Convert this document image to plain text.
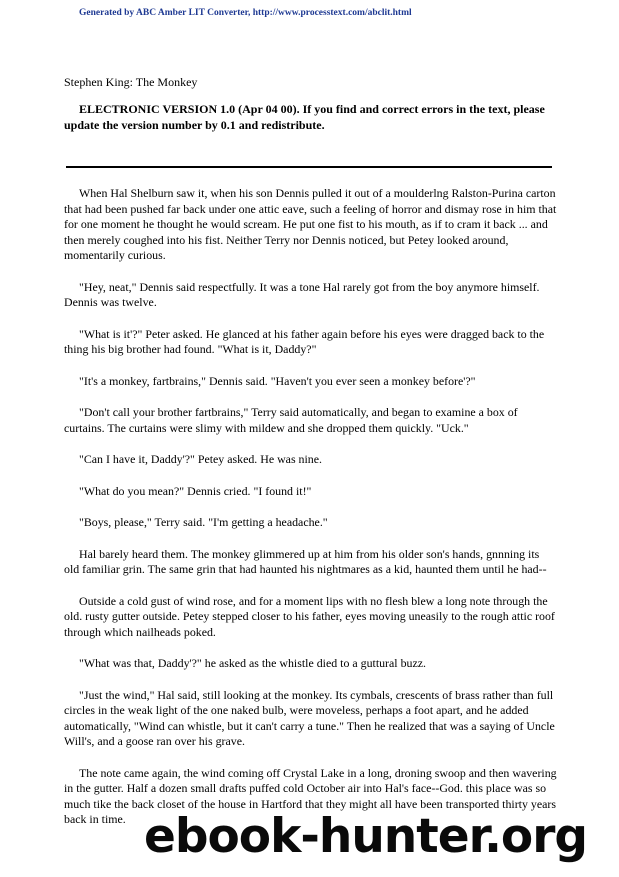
Generated by ABC Amber LIT Converter, http://www.processtext.com/abclit.html
Stephen King: The Monkey
ELECTRONIC VERSION 1.0 (Apr 04 00). If you find and correct errors in the text, please update the version number by 0.1 and redistribute.

When Hal Shelburn saw it, when his son Dennis pulled it out of a moulderlng Ralston-Purina carton that had been pushed far back under one attic eave, such a feeling of horror and dismay rose in him that for one moment he thought he would scream. He put one fist to his mouth, as if to cram it back ... and then merely coughed into his fist. Neither Terry nor Dennis noticed, but Petey looked around, momentarily curious.

"Hey, neat," Dennis said respectfully. It was a tone Hal rarely got from the boy anymore himself. Dennis was twelve.

"What is it'?" Peter asked. He glanced at his father again before his eyes were dragged back to the thing his big brother had found. "What is it, Daddy?"

"It's a monkey, fartbrains," Dennis said. "Haven't you ever seen a monkey before'?"

"Don't call your brother fartbrains," Terry said automatically, and began to examine a box of curtains. The curtains were slimy with mildew and she dropped them quickly. "Uck."

"Can I have it, Daddy'?" Petey asked. He was nine.

"What do you mean?" Dennis cried. "I found it!"

"Boys, please," Terry said. "I'm getting a headache."

Hal barely heard them. The monkey glimmered up at him from his older son's hands, gnnning its old familiar grin. The same grin that had haunted his nightmares as a kid, haunted them until he had--

Outside a cold gust of wind rose, and for a moment lips with no flesh blew a long note through the old. rusty gutter outside. Petey stepped closer to his father, eyes moving uneasily to the rough attic roof through which nailheads poked.

"What was that, Daddy'?" he asked as the whistle died to a guttural buzz.

"Just the wind," Hal said, still looking at the monkey. Its cymbals, crescents of brass rather than full circles in the weak light of the one naked bulb, were moveless, perhaps a foot apart, and he added automatically, "Wind can whistle, but it can't carry a tune." Then he realized that was a saying of Uncle Will's, and a goose ran over his grave.

The note came again, the wind coming off Crystal Lake in a long, droning swoop and then wavering in the gutter. Half a dozen small drafts puffed cold October air into Hal's face--God. this place was so much tike the back closet of the house in Hartford that they might all have been transported thirty years back in time. ebook-hunter.org
